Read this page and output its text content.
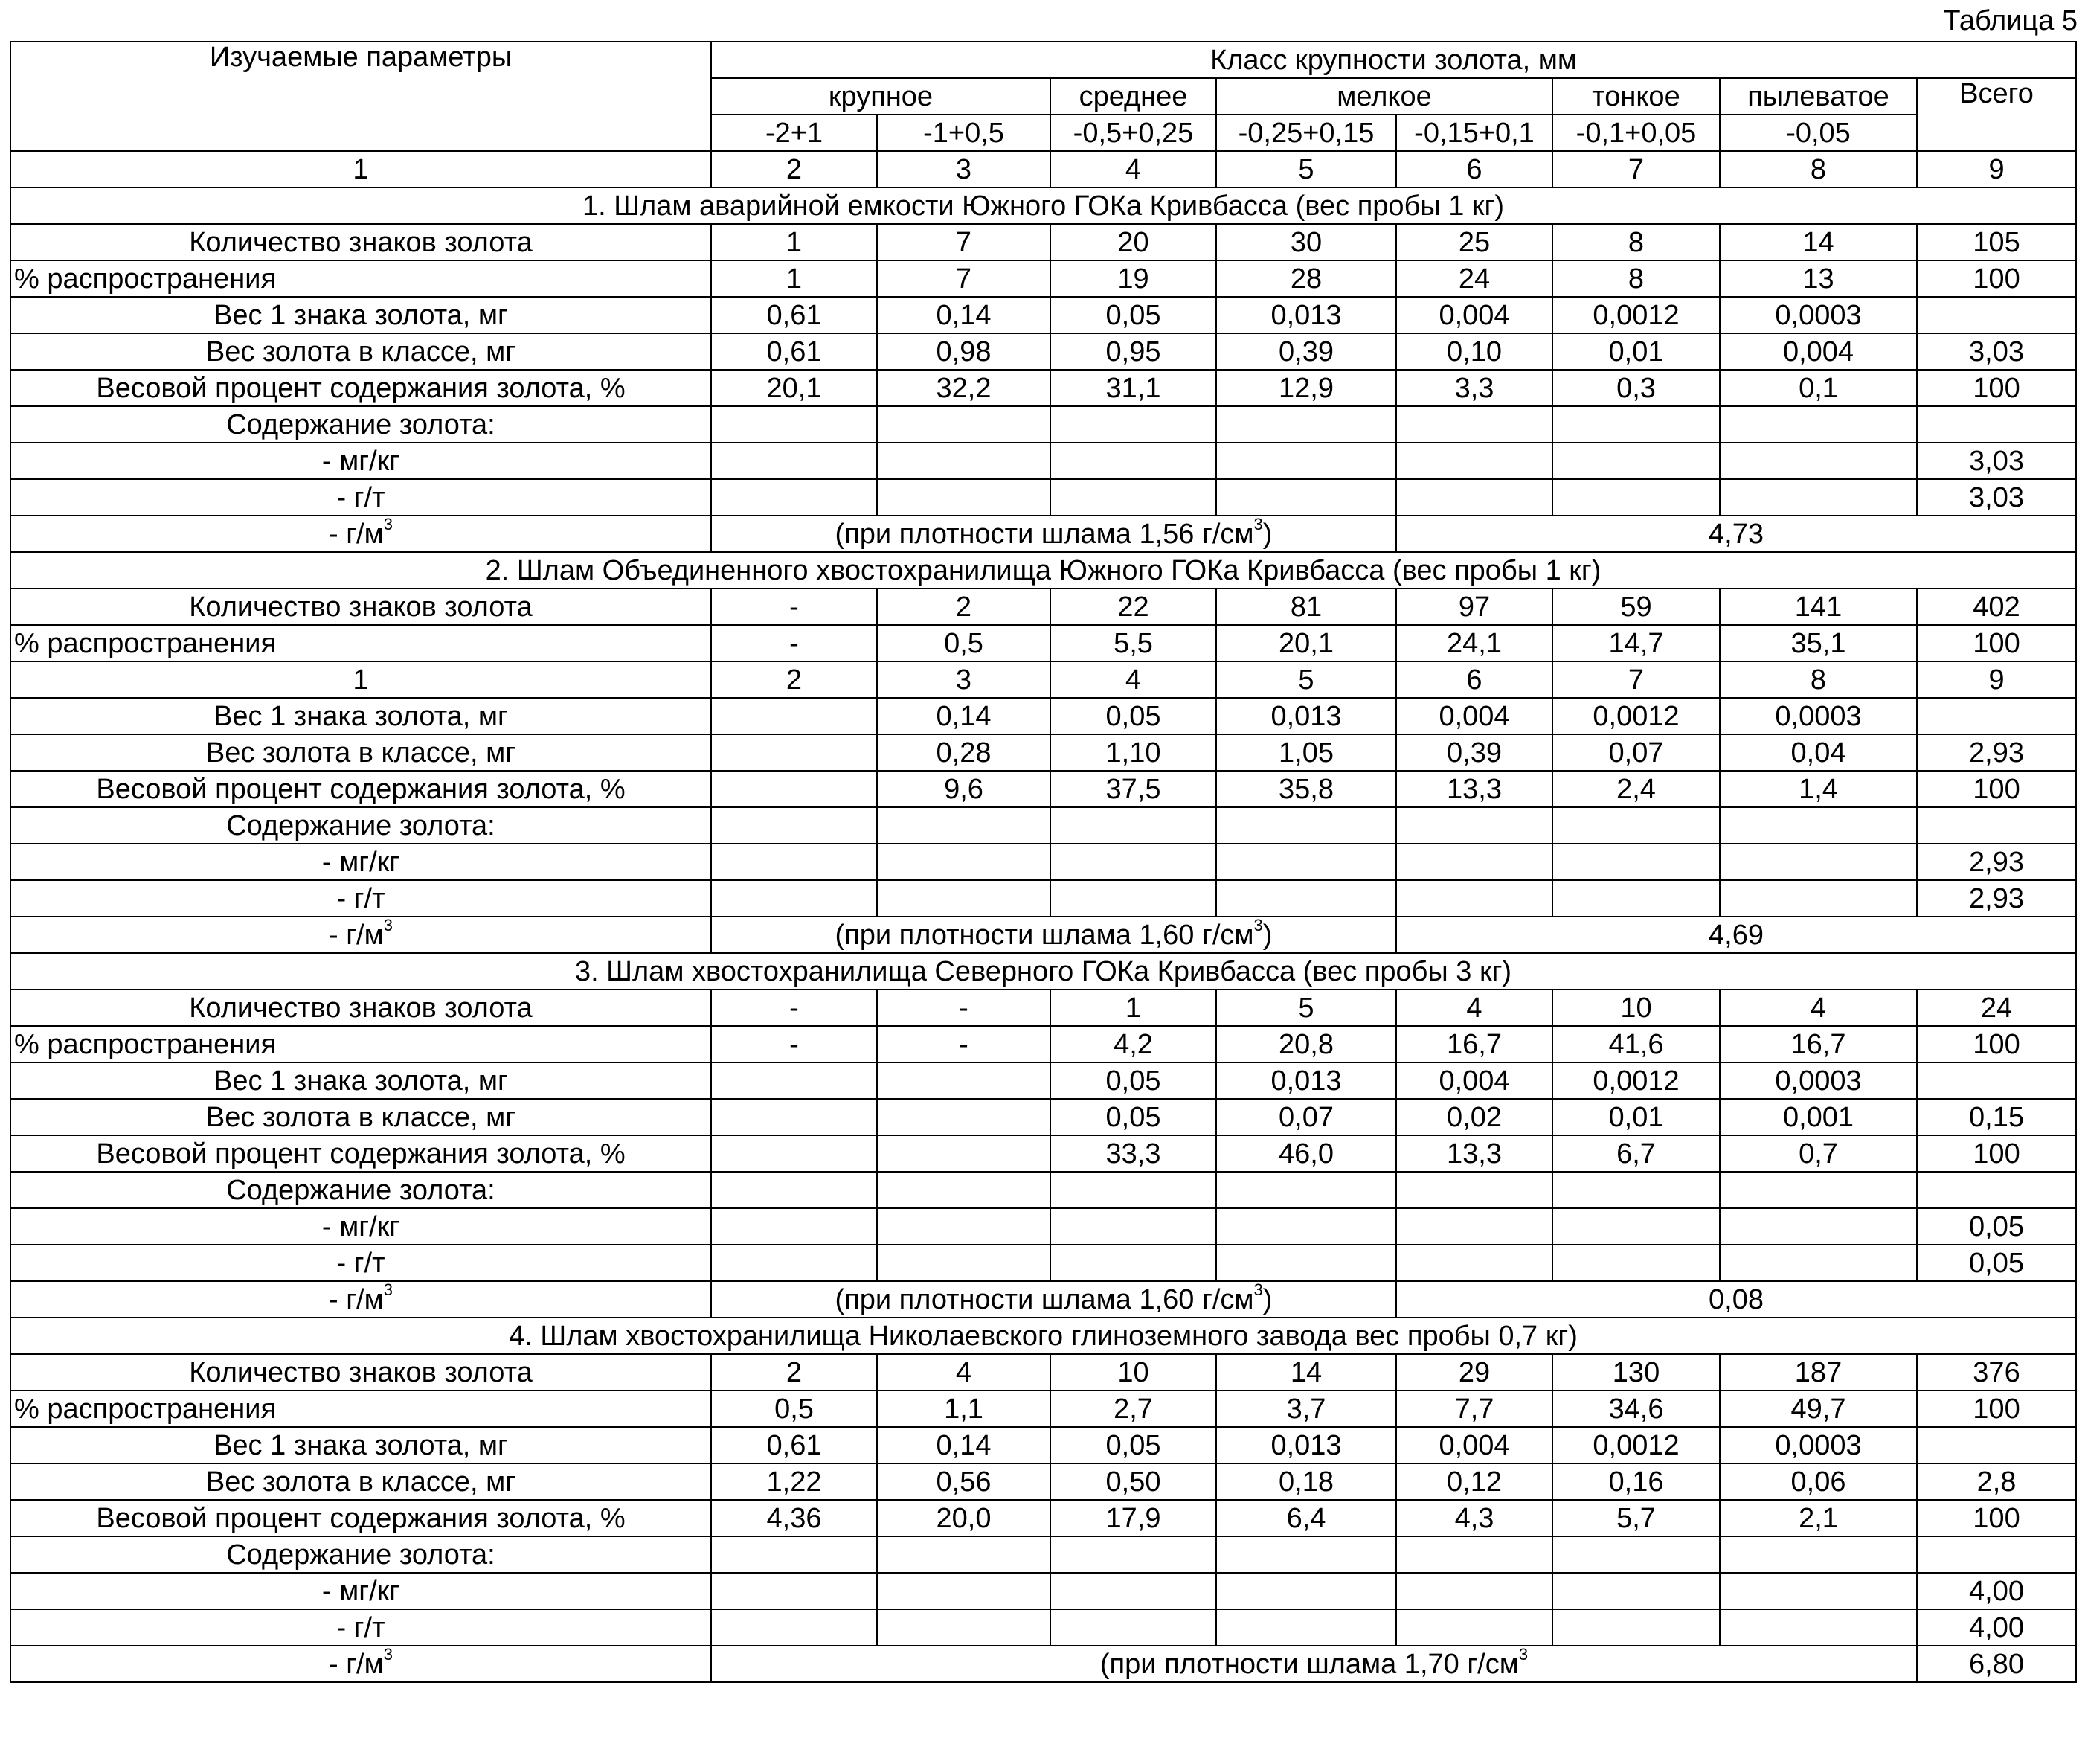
Таблица 5
Изучаемые параметры	Класс крупности золота, мм							
	крупное		среднее	мелкое		тонкое	пылеватое	Всего
	-2+1	-1+0,5	-0,5+0,25	-0,25+0,15	-0,15+0,1	-0,1+0,05	-0,05	
1	2	3	4	5	6	7	8	9
1. Шлам аварийной емкости Южного ГОКа Кривбасса (вес пробы 1 кг)								
Количество знаков золота	1	7	20	30	25	8	14	105
% распространения	1	7	19	28	24	8	13	100
Вес 1 знака золота, мг	0,61	0,14	0,05	0,013	0,004	0,0012	0,0003	
Вес золота в классе, мг	0,61	0,98	0,95	0,39	0,10	0,01	0,004	3,03
Весовой процент содержания золота, %	20,1	32,2	31,1	12,9	3,3	0,3	0,1	100
Содержание золота:								
- мг/кг								3,03
- г/т								3,03
- $г/м^3$	(при плотности шлама 1,56 $г/см^3$)				4,73			
2. Шлам Объединенного хвостохранилища Южного ГОКа Кривбасса (вес пробы 1 кг)								
Количество знаков золота	-	2	22	81	97	59	141	402
% распространения	-	0,5	5,5	20,1	24,1	14,7	35,1	100
1	2	3	4	5	6	7	8	9
Вес 1 знака золота, мг		0,14	0,05	0,013	0,004	0,0012	0,0003	
Вес золота в классе, мг		0,28	1,10	1,05	0,39	0,07	0,04	2,93
Весовой процент содержания золота, %		9,6	37,5	35,8	13,3	2,4	1,4	100
Содержание золота:								
- мг/кг								2,93
- г/т								2,93
- $г/м^3$	(при плотности шлама 1,60 $г/см^3$)				4,69			
3. Шлам хвостохранилища Северного ГОКа Кривбасса (вес пробы 3 кг)								
Количество знаков золота	-	-	1	5	4	10	4	24
% распространения	-	-	4,2	20,8	16,7	41,6	16,7	100
Вес 1 знака золота, мг			0,05	0,013	0,004	0,0012	0,0003	
Вес золота в классе, мг			0,05	0,07	0,02	0,01	0,001	0,15
Весовой процент содержания золота, %			33,3	46,0	13,3	6,7	0,7	100
Содержание золота:								
- мг/кг								0,05
- г/т								0,05
- $г/м^3$	(при плотности шлама 1,60 $г/см^3$)				0,08			
4. Шлам хвостохранилища Николаевского глиноземного завода вес пробы 0,7 кг)								
Количество знаков золота	2	4	10	14	29	130	187	376
% распространения	0,5	1,1	2,7	3,7	7,7	34,6	49,7	100
Вес 1 знака золота, мг	0,61	0,14	0,05	0,013	0,004	0,0012	0,0003	
Вес золота в классе, мг	1,22	0,56	0,50	0,18	0,12	0,16	0,06	2,8
Весовой процент содержания золота, %	4,36	20,0	17,9	6,4	4,3	5,7	2,1	100
Содержание золота:								
- мг/кг								4,00
- г/т								4,00
- $г/м^3$	(при плотности шлама 1,70 $г/см^3$							6,80
